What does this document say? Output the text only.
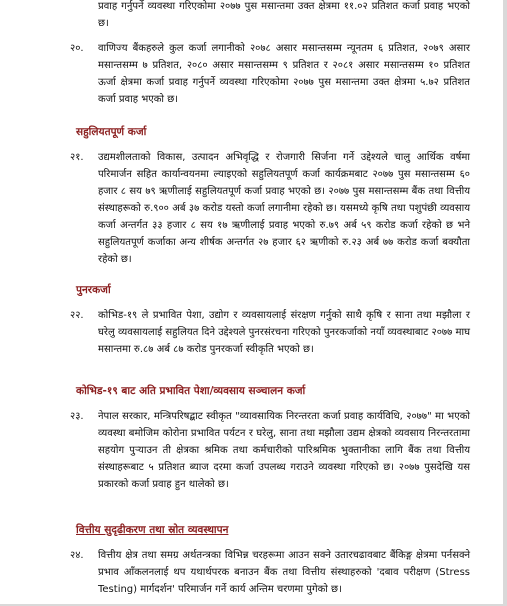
प्रवाह गर्नुपर्ने व्यवस्था गरिएकोमा २०७७ पुस मसान्तमा उक्त क्षेत्रमा ११.०२ प्रतिशत कर्जा प्रवाह भएको छ।
२०.	वाणिज्य बैंकहरुले कुल कर्जा लगानीको २०७८ असार मसान्तसम्म न्यूनतम ६ प्रतिशत, २०७९ असार मसान्तसम्म ७ प्रतिशत, २०८० असार मसान्तसम्म ९ प्रतिशत र २०८१ असार मसान्तसम्म १० प्रतिशत ऊर्जा क्षेत्रमा कर्जा प्रवाह गर्नुपर्ने व्यवस्था गरिएकोमा २०७७ पुस मसान्तमा उक्त क्षेत्रमा ५.७२ प्रतिशत कर्जा प्रवाह भएको छ।
सहुलियतपूर्ण कर्जा
२१.	उद्यमशीलताको विकास, उत्पादन अभिवृद्धि र रोजगारी सिर्जना गर्ने उद्देश्यले चालु आर्थिक वर्षमा परिमार्जन सहित कार्यान्वयनमा ल्याइएको सहुलियतपूर्ण कर्जा कार्यक्रमबाट २०७७ पुस मसान्तसम्म ६० हजार ८ सय ७९ ऋणीलाई सहुलियतपूर्ण कर्जा प्रवाह भएको छ। २०७७ पुस मसान्तसम्म बैंक तथा वित्तीय संस्थाहरूको रु.९०० अर्ब ३७ करोड यस्तो कर्जा लगानीमा रहेको छ। यसमध्ये कृषि तथा पशुपंछी व्यवसाय कर्जा अन्तर्गत ३३ हजार ८ सय १७ ऋणीलाई प्रवाह भएको रु.७९ अर्ब ५९ करोड कर्जा रहेको छ भने सहुलियतपूर्ण कर्जाका अन्य शीर्षक अन्तर्गत २७ हजार ६२ ऋणीको रु.२३ अर्ब ७७ करोड कर्जा बक्यौता रहेको छ।
पुनरकर्जा
२२.	कोभिड-१९ ले प्रभावित पेशा, उद्योग र व्यवसायलाई संरक्षण गर्नुको साथै कृषि र साना तथा मझौला र घरेलु व्यवसायलाई सहुलियत दिने उद्देश्यले पुनरसंरचना गरिएको पुनरकर्जाको नयाँ व्यवस्थाबाट २०७७ माघ मसान्तमा रु.८७ अर्ब ८७ करोड पुनरकर्जा स्वीकृति भएको छ।
कोभिड-१९ बाट अति प्रभावित पेशा/व्यवसाय सञ्चालन कर्जा
२३.	नेपाल सरकार, मन्त्रिपरिषद्बाट स्वीकृत "व्यावसायिक निरन्तरता कर्जा प्रवाह कार्यविधि, २०७७" मा भएको व्यवस्था बमोजिम कोरोना प्रभावित पर्यटन र घरेलु, साना तथा मझौला उद्यम क्षेत्रको व्यवसाय निरन्तरतामा सहयोग पुऱ्याउन ती क्षेत्रका श्रमिक तथा कर्मचारीको पारिश्रमिक भुक्तानीका लागि बैंक तथा वित्तीय संस्थाहरूबाट ५ प्रतिशत ब्याज दरमा कर्जा उपलब्ध गराउने व्यवस्था गरिएको छ। २०७७ पुसदेखि यस प्रकारको कर्जा प्रवाह हुन थालेको छ।
वित्तीय सुदृढीकरण तथा स्रोत व्यवस्थापन
२४.	वित्तीय क्षेत्र तथा समग्र अर्थतन्त्रका विभिन्न चरहरूमा आउन सक्ने उतारचढावबाट बैंकिङ्ग क्षेत्रमा पर्नसक्ने प्रभाव आँकलनलाई थप यथार्थपरक बनाउन बैंक तथा वित्तीय संस्थाहरुको 'दबाव परीक्षण (Stress Testing) मार्गदर्शन' परिमार्जन गर्ने कार्य अन्तिम चरणमा पुगेको छ।
